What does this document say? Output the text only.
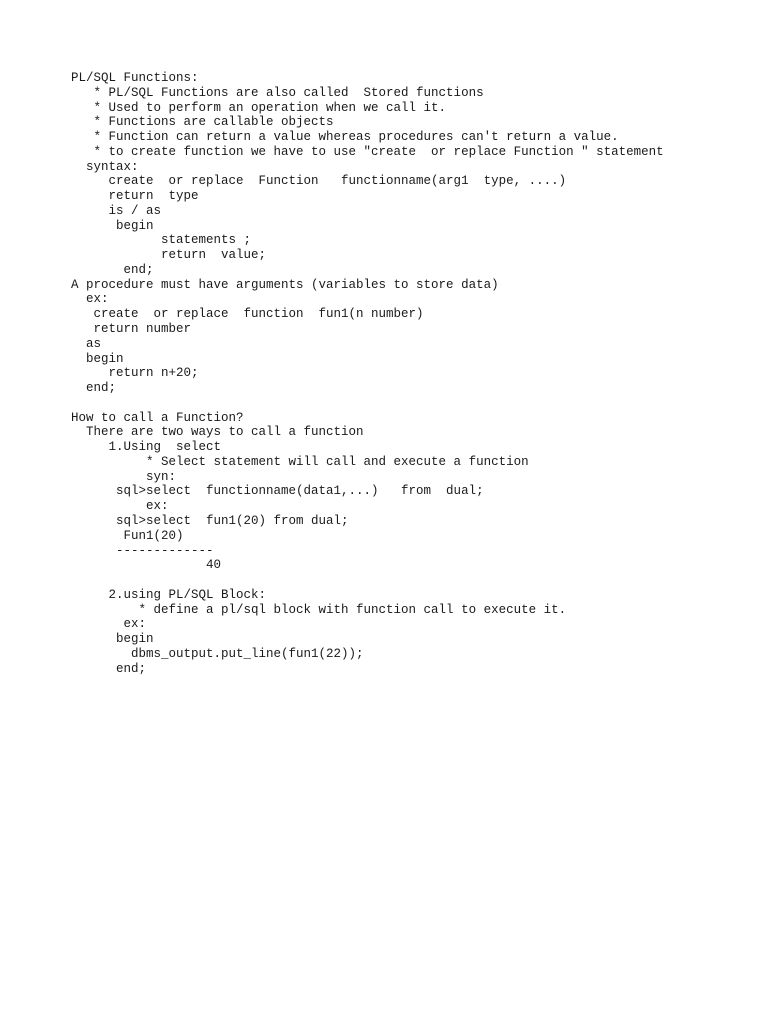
PL/SQL Functions:
* PL/SQL Functions are also called  Stored functions
* Used to perform an operation when we call it.
* Functions are callable objects
* Function can return a value whereas procedures can't return a value.
* to create function we have to use "create  or replace Function " statement
syntax:
create  or replace  Function   functionname(arg1  type, ....)
return  type
is / as
begin
statements ;
return  value;
end;
A procedure must have arguments (variables to store data)
ex:
create  or replace  function  fun1(n number)
return number
as
begin
return n+20;
end;
How to call a Function?
There are two ways to call a function
1.Using  select
* Select statement will call and execute a function
syn:
sql>select  functionname(data1,...)   from  dual;
ex:
sql>select  fun1(20) from dual;
Fun1(20)
-------------
40
2.using PL/SQL Block:
* define a pl/sql block with function call to execute it.
ex:
begin
dbms_output.put_line(fun1(22));
end;
